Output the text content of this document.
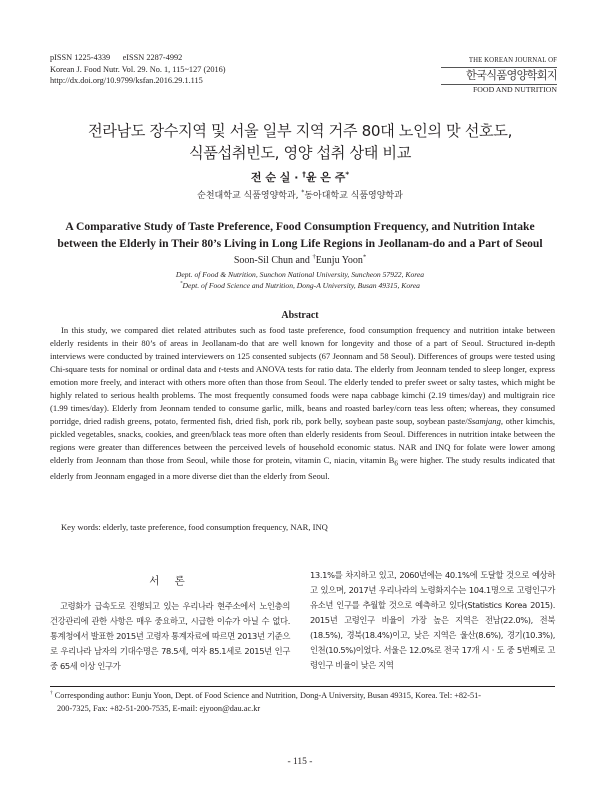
pISSN 1225-4339      eISSN 2287-4992
Korean J. Food Nutr. Vol. 29. No. 1, 115~127 (2016)
http://dx.doi.org/10.9799/ksfan.2016.29.1.115
THE KOREAN JOURNAL OF
한국식품영양학회지
FOOD AND NUTRITION
전라남도 장수지역 및 서울 일부 지역 거주 80대 노인의 맛 선호도,
식품섭취빈도, 영양 섭취 상태 비교
전 순 실 · †윤 은 주*
순천대학교 식품영양학과, *동아대학교 식품영양학과
A Comparative Study of Taste Preference, Food Consumption Frequency, and Nutrition Intake
between the Elderly in Their 80’s Living in Long Life Regions in Jeollanam-do and a Part of Seoul
Soon-Sil Chun and †Eunju Yoon*
Dept. of Food & Nutrition, Sunchon National University, Suncheon 57922, Korea
*Dept. of Food Science and Nutrition, Dong-A University, Busan 49315, Korea
Abstract

In this study, we compared diet related attributes such as food taste preference, food consumption frequency and nutrition intake between elderly residents in their 80’s of areas in Jeollanam-do that are well known for longevity and those of a part of Seoul. Structured in-depth interviews were conducted by trained interviewers on 125 consented subjects (67 Jeonnam and 58 Seoul). Differences of groups were tested using Chi-square tests for nominal or ordinal data and t-tests and ANOVA tests for ratio data. The elderly from Jeonnam tended to sleep longer, express emotion more freely, and interact with others more often than those from Seoul. The elderly tended to prefer sweet or salty tastes, which might be highly related to serious health problems. The most frequently consumed foods were napa cabbage kimchi (2.19 times/day) and multigrain rice (1.99 times/day). Elderly from Jeonnam tended to consume garlic, milk, beans and roasted barley/corn teas less often; whereas, they consumed porridge, dried radish greens, potato, fermented fish, dried fish, pork rib, pork belly, soybean paste soup, soybean paste/Ssamjang, other kimchis, pickled vegetables, snacks, cookies, and green/black teas more often than elderly residents from Seoul. Differences in nutrition intake between the regions were greater than differences between the perceived levels of household economic status. NAR and INQ for folate were lower among elderly from Jeonnam than those from Seoul, while those for protein, vitamin C, niacin, vitamin $B_6$ were higher. The study results indicated that elderly from Jeonnam engaged in a more diverse diet than the elderly from Seoul.

Key words: elderly, taste preference, food consumption frequency, NAR, INQ
서 론

고령화가 급속도로 진행되고 있는 우리나라 현주소에서 노인층의 건강관리에 관한 사항은 매우 중요하고, 시급한 이슈가 아닐 수 없다. 통계청에서 발표한 2015년 고령자 통계자료에 따르면 2013년 기준으로 우리나라 남자의 기대수명은 78.5세, 여자 85.1세로 2015년 인구 중 65세 이상 인구가

13.1%를 차지하고 있고, 2060년에는 40.1%에 도달할 것으로 예상하고 있으며, 2017년 우리나라의 노령화지수는 104.1명으로 고령인구가 유소년 인구를 추월할 것으로 예측하고 있다(Statistics Korea 2015). 2015년 고령인구 비율이 가장 높은 지역은 전남(22.0%), 전북(18.5%), 경북(18.4%)이고, 낮은 지역은 울산(8.6%), 경기(10.3%), 인천(10.5%)이었다. 서울은 12.0%로 전국 17개 시 · 도 중 5번째로 고령인구 비율이 낮은 지역

† Corresponding author: Eunju Yoon, Dept. of Food Science and Nutrition, Dong-A University, Busan 49315, Korea. Tel: +82-51-
200-7325, Fax: +82-51-200-7535, E-mail: ejyoon@dau.ac.kr
- 115 -
